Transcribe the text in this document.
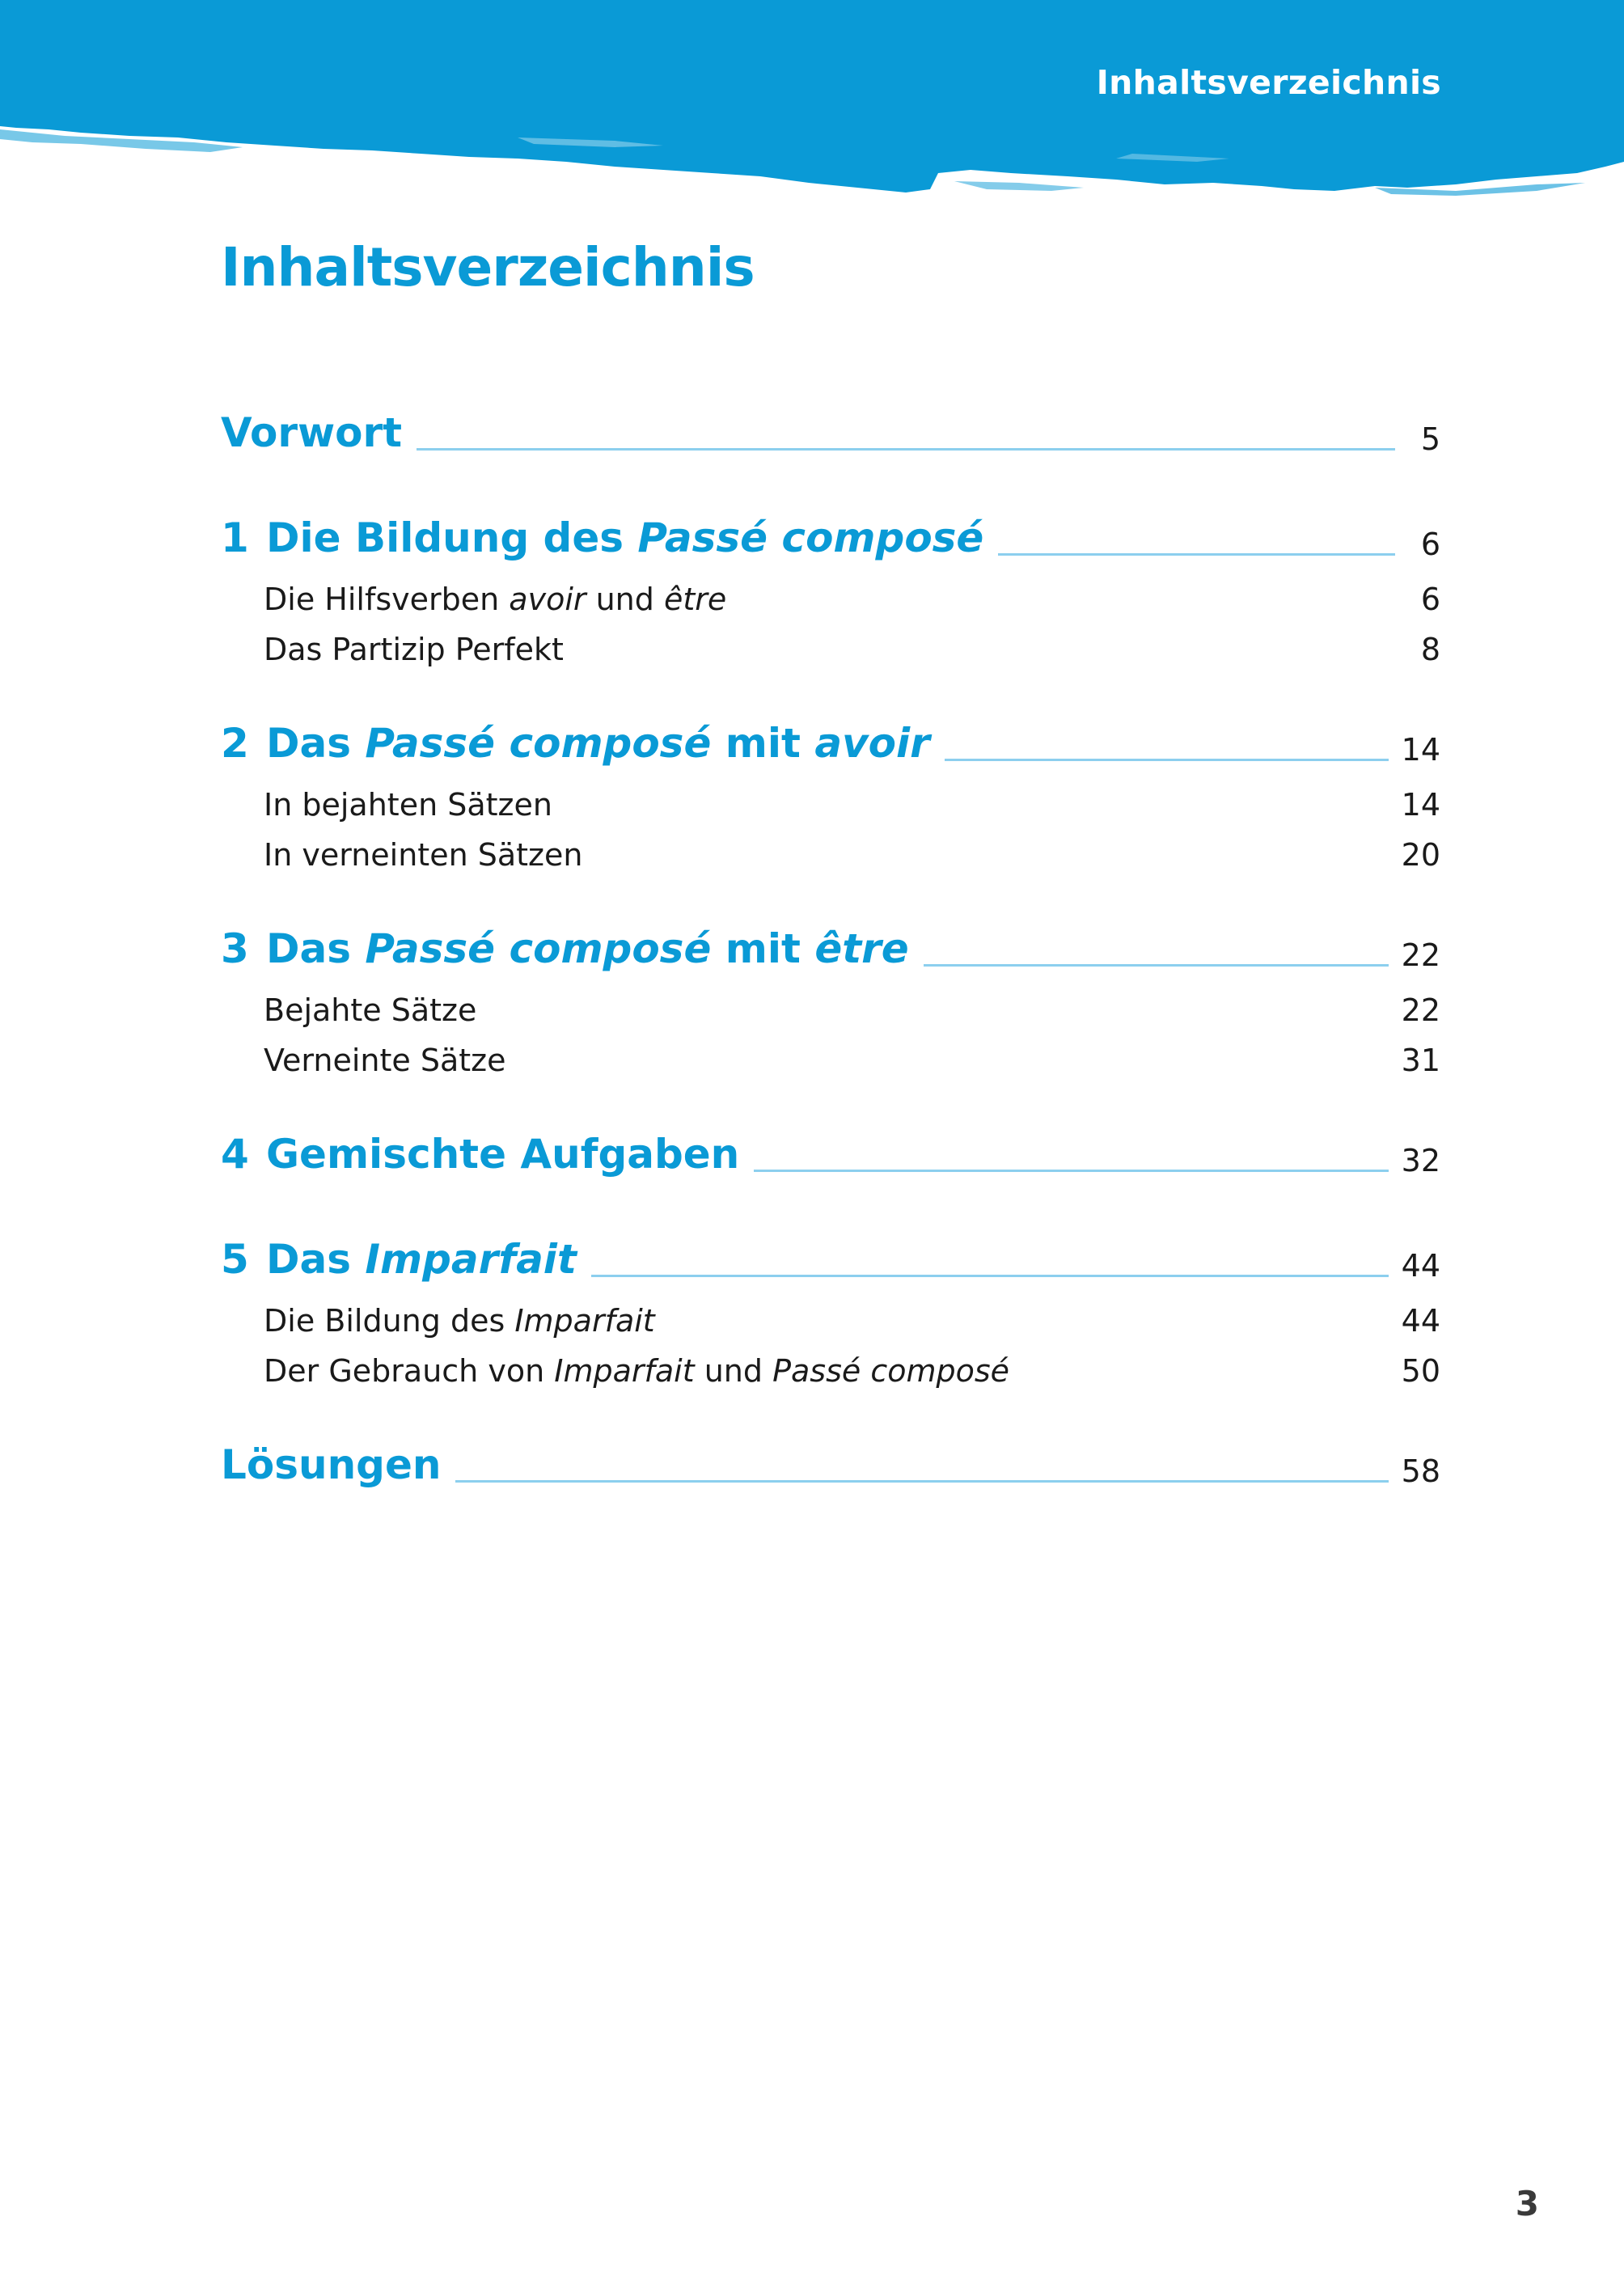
Inhaltsverzeichnis
Inhaltsverzeichnis
Vorwort	5
1 Die Bildung des Passé composé	6
Die Hilfsverben avoir und être	6
Das Partizip Perfekt	8
2 Das Passé composé mit avoir	14
In bejahten Sätzen	14
In verneinten Sätzen	20
3 Das Passé composé mit être	22
Bejahte Sätze	22
Verneinte Sätze	31
4 Gemischte Aufgaben	32
5 Das Imparfait	44
Die Bildung des Imparfait	44
Der Gebrauch von Imparfait und Passé composé	50
Lösungen	58
3
